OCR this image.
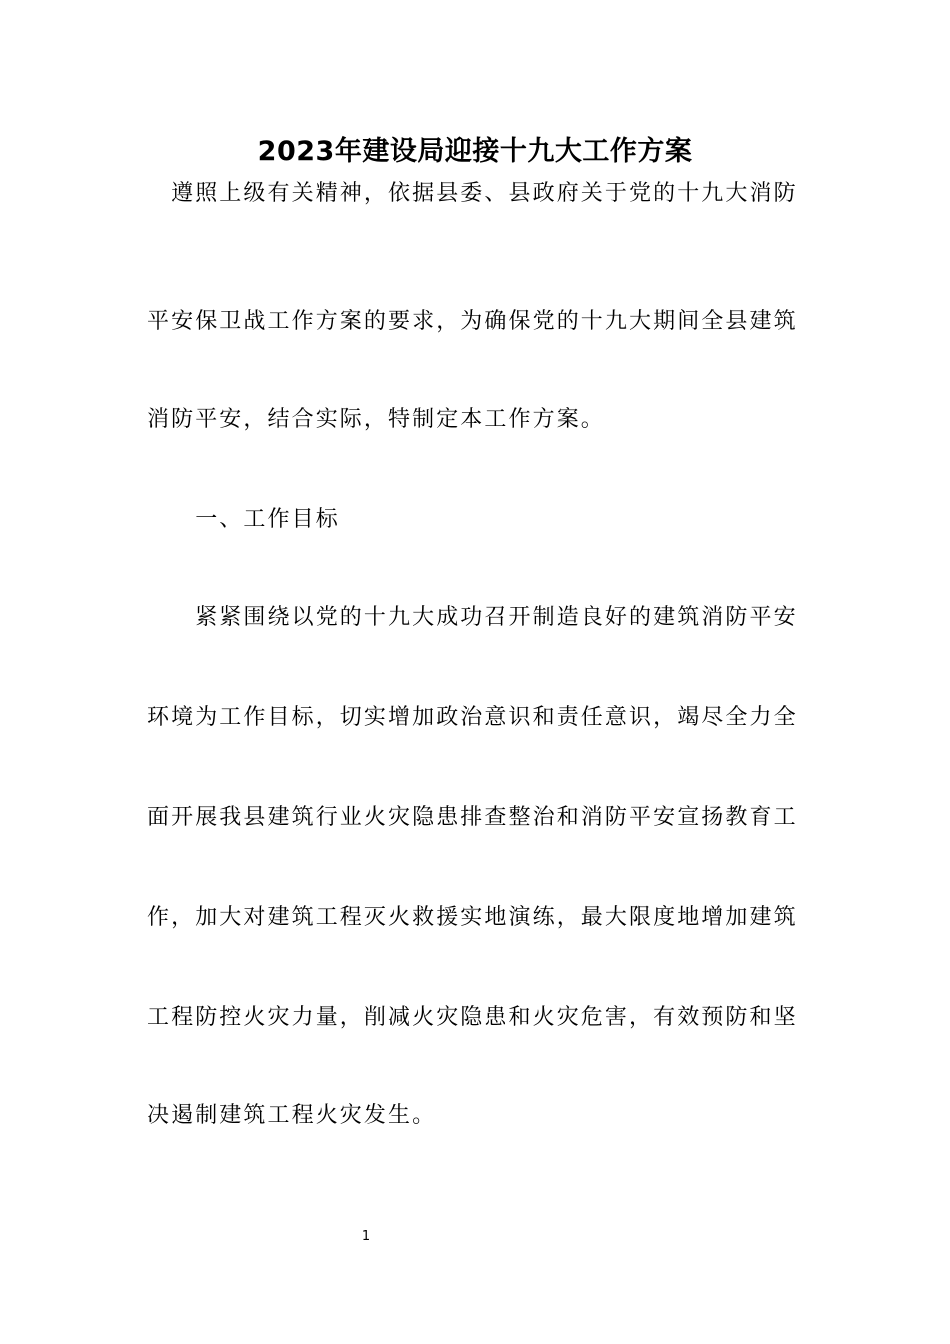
2023年建设局迎接十九大工作方案
　遵照上级有关精神，依据县委、县政府关于党的十九大消防
平安保卫战工作方案的要求，为确保党的十九大期间全县建筑
消防平安，结合实际，特制定本工作方案。
　　一、工作目标
　　紧紧围绕以党的十九大成功召开制造良好的建筑消防平安
环境为工作目标，切实增加政治意识和责任意识，竭尽全力全
面开展我县建筑行业火灾隐患排查整治和消防平安宣扬教育工
作，加大对建筑工程灭火救援实地演练，最大限度地增加建筑
工程防控火灾力量，削减火灾隐患和火灾危害，有效预防和坚
决遏制建筑工程火灾发生。
1
